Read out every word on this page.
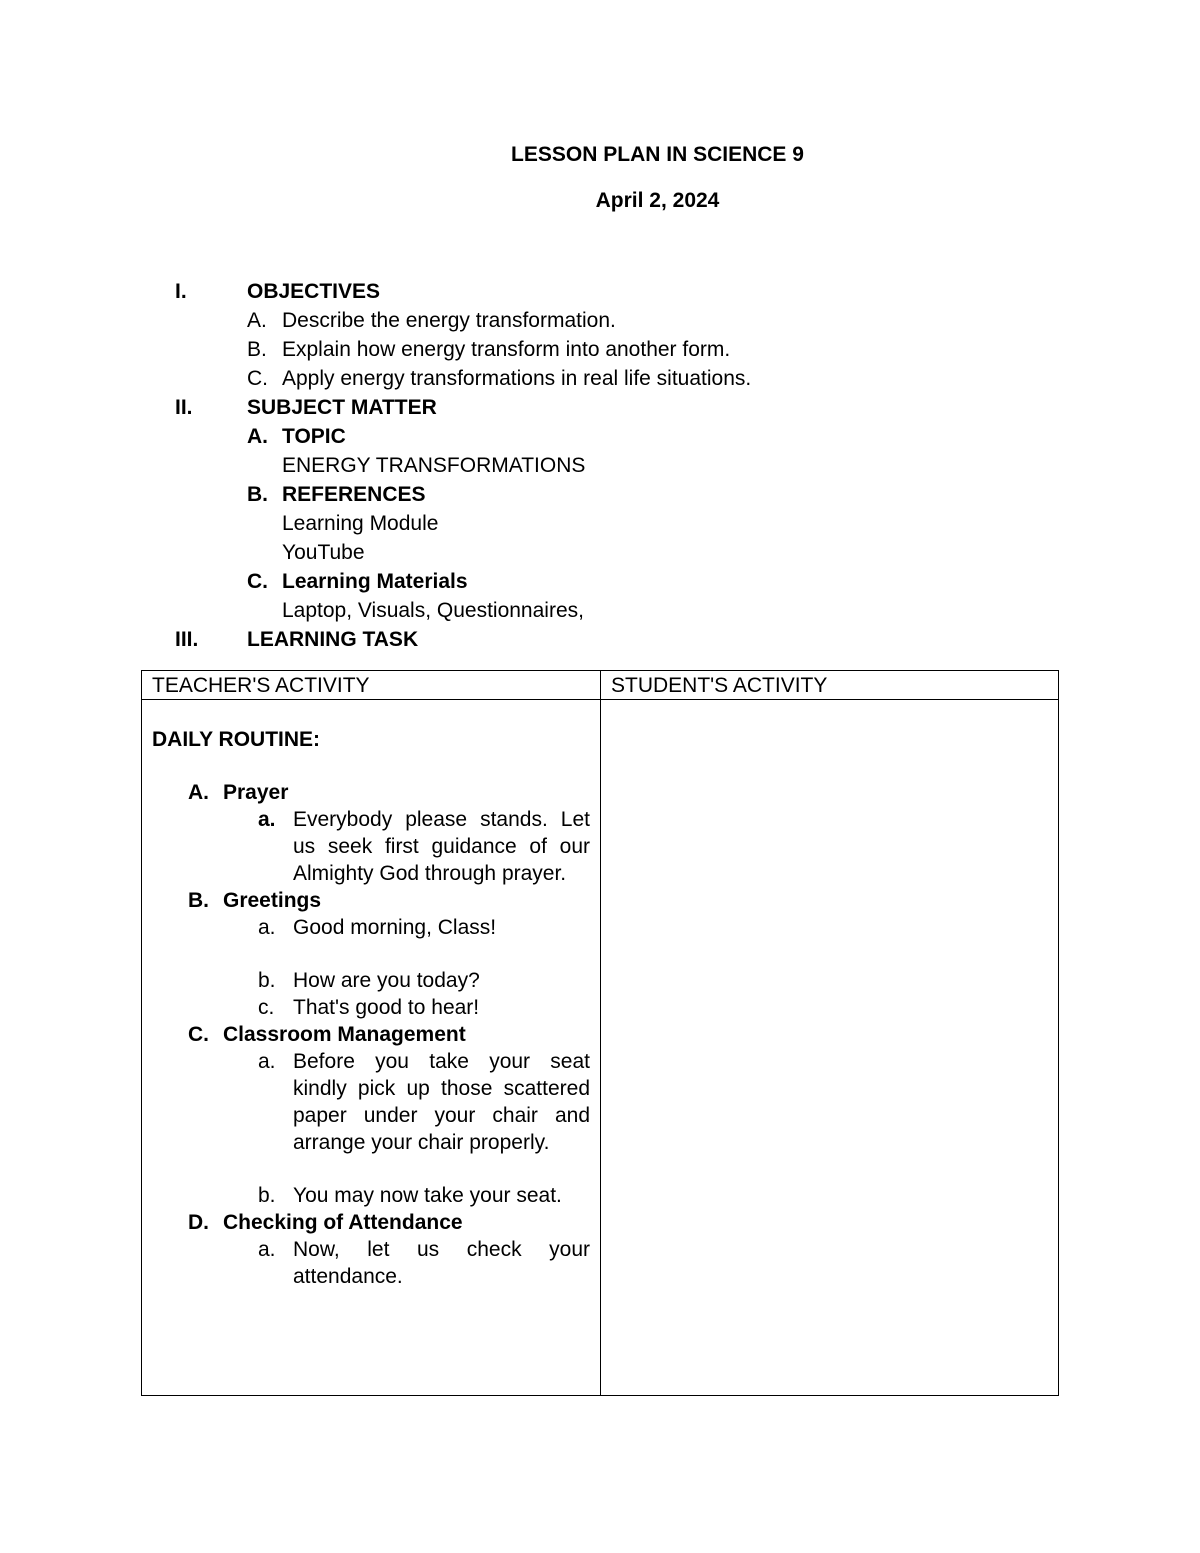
LESSON PLAN IN SCIENCE 9
April 2, 2024
I.	OBJECTIVES
A. Describe the energy transformation.
B. Explain how energy transform into another form.
C. Apply energy transformations in real life situations.
II.	SUBJECT MATTER
A. TOPIC
ENERGY TRANSFORMATIONS
B. REFERENCES
Learning Module
YouTube
C. Learning Materials
Laptop, Visuals, Questionnaires,
III.	LEARNING TASK
TEACHER'S ACTIVITY	STUDENT'S ACTIVITY
DAILY ROUTINE:
A. Prayer
a. Everybody please stands. Let us seek first guidance of our Almighty God through prayer.
B. Greetings
a. Good morning, Class!
b. How are you today?
c. That's good to hear!
C. Classroom Management
a. Before you take your seat kindly pick up those scattered paper under your chair and arrange your chair properly.
b. You may now take your seat.
D. Checking of Attendance
a. Now, let us check your attendance.
